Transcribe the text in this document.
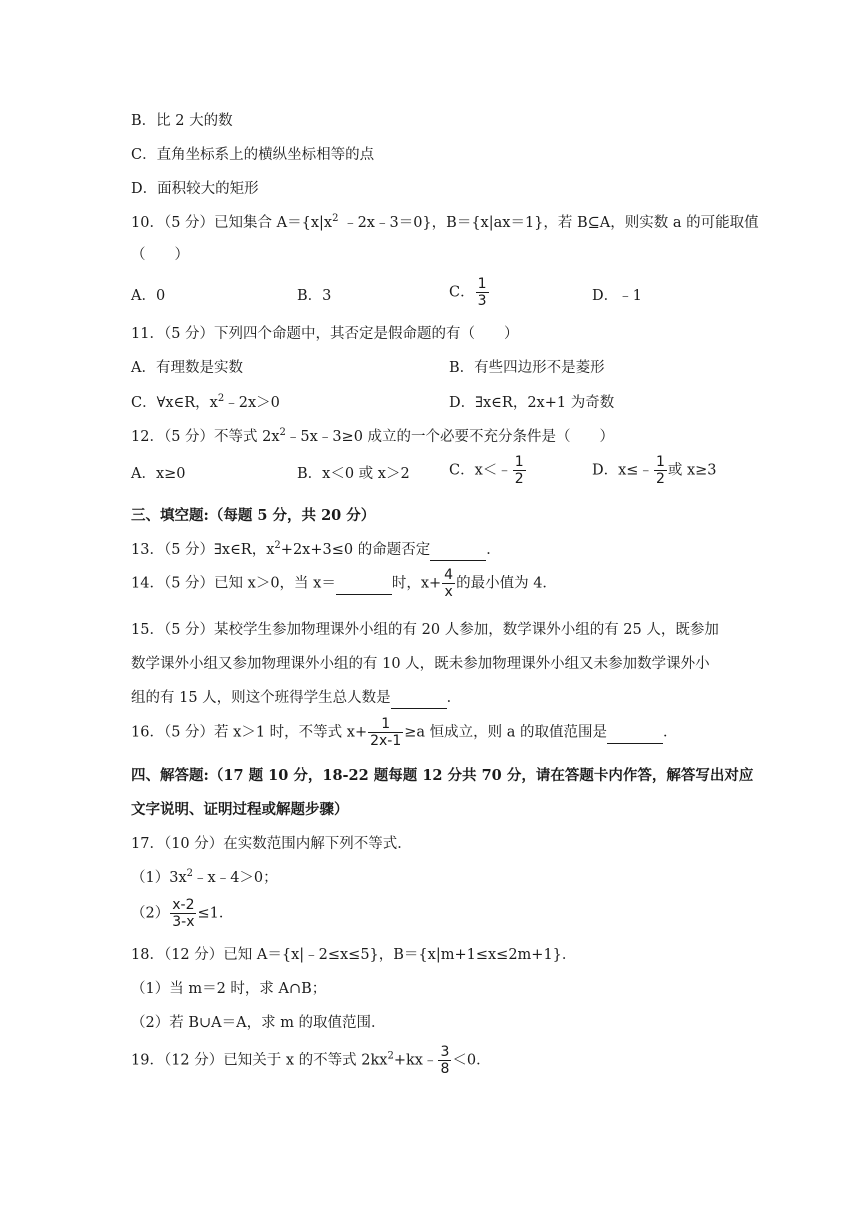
B．比 2 大的数
C．直角坐标系上的横纵坐标相等的点
D．面积较大的矩形
10．（5 分）已知集合 $A=\{x|x^2$ ﹣2x﹣3＝0}，B＝{x|ax＝1}，若 B⊆A，则实数 a 的可能取值
（　　）
A．0	B．3	C． $\frac{1}{3}$	D．﹣1
11．（5 分）下列四个命题中，其否定是假命题的有（　　）
A．有理数是实数	B．有些四边形不是菱形
C．∀x∈R，$x^2﹣2x>0$	D．∃x∈R，2x+1 为奇数
12．（5 分）不等式 $2x^2﹣5x﹣3\ge 0$ 成立的一个必要不充分条件是（　　）
A．x≥0	B．x＜0 或 x＞2	C．x＜﹣ $\frac{1}{2}$	D．x≤﹣ $\frac{1}{2}$ 或 x≥3
三、填空题:（每题 5 分，共 20 分）
13．（5 分）∃x∈R，$x^2+2x+3\le 0$ 的命题否定	．
14．（5 分）已知 x＞0，当 x＝	时，$x+ \frac{4}{x}$ 的最小值为 4．
15．（5 分）某校学生参加物理课外小组的有 20 人参加，数学课外小组的有 25 人，既参加
数学课外小组又参加物理课外小组的有 10 人，既未参加物理课外小组又未参加数学课外小
组的有 15 人，则这个班得学生总人数是	．
16．（5 分）若 x＞1 时，不等式 $x+ \frac{1}{2x-1} \ge a$ 恒成立，则 a 的取值范围是	．
四、解答题:（17 题 10 分，18-22 题每题 12 分共 70 分，请在答题卡内作答，解答写出对应
文字说明、证明过程或解题步骤）
17．（10 分）在实数范围内解下列不等式．
$(1)3x^2﹣x﹣4>0$；
$(2) \frac{x-2}{3-x} \le 1$．
18．（12 分）已知 A＝{x|﹣2≤x≤5}，B＝{x|m+1≤x≤2m+1}．
（1）当 m＝2 时，求 A∩B；
（2）若 B∪A＝A，求 m 的取值范围．
19．（12 分）已知关于 x 的不等式 $2kx^2+kx﹣ \frac{3}{8} <0$．
